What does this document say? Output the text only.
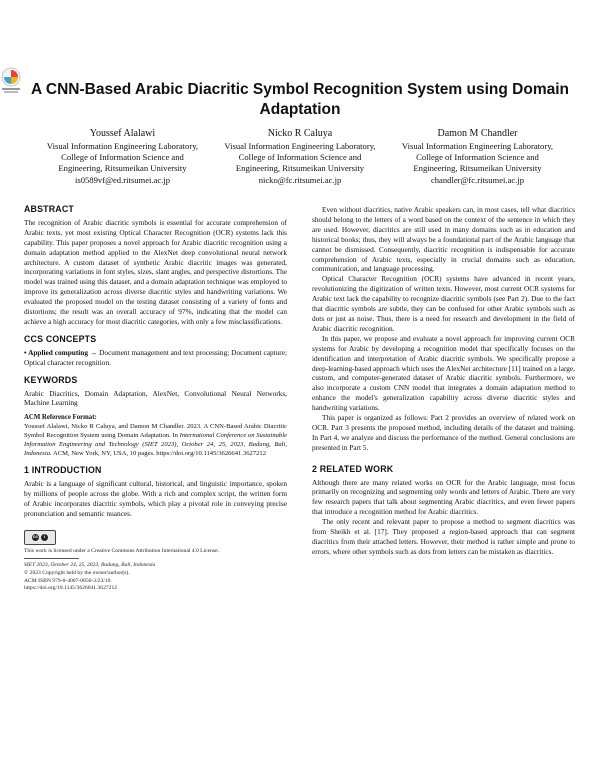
A CNN-Based Arabic Diacritic Symbol Recognition System using Domain Adaptation
Youssef Alalawi
Visual Information Engineering Laboratory, College of Information Science and Engineering, Ritsumeikan University
is0589vf@ed.ritsumei.ac.jp
Nicko R Caluya
Visual Information Engineering Laboratory, College of Information Science and Engineering, Ritsumeikan University
nicko@fc.ritsumei.ac.jp
Damon M Chandler
Visual Information Engineering Laboratory, College of Information Science and Engineering, Ritsumeikan University
chandler@fc.ritsumei.ac.jp
ABSTRACT

The recognition of Arabic diacritic symbols is essential for accurate comprehension of Arabic texts, yet most existing Optical Character Recognition (OCR) systems lack this capability. This paper proposes a novel approach for Arabic diacritic recognition using a domain adaptation method applied to the AlexNet deep convolutional neural network architecture. A custom dataset of synthetic Arabic diacritic images was generated, incorporating variations in font styles, sizes, slant angles, and perspective distortions. The model was trained using this dataset, and a domain adaptation technique was employed to improve its generalization across diverse diacritic styles and handwriting variations. We evaluated the proposed model on the testing dataset consisting of a variety of fonts and distortions; the result was an overall accuracy of 97%, indicating that the model can achieve a high accuracy for most diacritic categories, with only a few misclassifications.

CCS CONCEPTS

• Applied computing → Document management and text processing; Document capture; Optical character recognition.

KEYWORDS

Arabic Diacritics, Domain Adaptation, AlexNet, Convolutional Neural Networks, Machine Learning

ACM Reference Format:

Youssef Alalawi, Nicko R Caluya, and Damon M Chandler. 2023. A CNN-Based Arabic Diacritic Symbol Recognition System using Domain Adaptation. In International Conference on Sustainable Information Engineering and Technology (SIET 2023), October 24, 25, 2023, Badung, Bali, Indonesia. ACM, New York, NY, USA, 10 pages. https://doi.org/10.1145/3626641.3627212

1 INTRODUCTION

Arabic is a language of significant cultural, historical, and linguistic importance, spoken by millions of people across the globe. With a rich and complex script, the written form of Arabic incorporates diacritic symbols, which play a pivotal role in conveying precise pronunciation and semantic nuances.

cc	i
This work is licensed under a Creative Commons Attribution International 4.0 License.
SIET 2023, October 24, 25, 2023, Badung, Bali, Indonesia
© 2023 Copyright held by the owner/author(s).
ACM ISBN 979-8-4007-0850-3/23/10.
https://doi.org/10.1145/3626641.3627212

Even without diacritics, native Arabic speakers can, in most cases, tell what diacritics should belong to the letters of a word based on the context of the sentence in which they are used. However, diacritics are still used in many domains such as in education and historical books; thus, they will always be a foundational part of the Arabic language that cannot be dismissed. Consequently, diacritic recognition is indispensable for accurate comprehension of Arabic texts, especially in crucial domains such as education, communication, and language processing.

Optical Character Recognition (OCR) systems have advanced in recent years, revolutionizing the digitization of written texts. However, most current OCR systems for Arabic text lack the capability to recognize diacritic symbols (see Part 2). Due to the fact that diacritic symbols are subtle, they can be confused for other Arabic symbols such as dots or just as noise. Thus, there is a need for research and development in the field of Arabic diacritic recognition.

In this paper, we propose and evaluate a novel approach for improving current OCR systems for Arabic by developing a recognition model that specifically focuses on the identification and interpretation of Arabic diacritic symbols. We specifically propose a deep-learning-based approach which uses the AlexNet architecture [11] trained on a large, custom, and computer-generated dataset of Arabic diacritic symbols. Furthermore, we also incorporate a custom CNN model that integrates a domain adaptation method to enhance the model's generalization capability across diverse diacritic styles and handwriting variations.

This paper is organized as follows: Part 2 provides an overview of related work on OCR. Part 3 presents the proposed method, including details of the dataset and training. In Part 4, we analyze and discuss the performance of the method. General conclusions are presented in Part 5.

2 RELATED WORK

Although there are many related works on OCR for the Arabic language, most focus primarily on recognizing and segmenting only words and letters of Arabic. There are very few research papers that talk about segmenting Arabic diacritics, and even fewer papers that introduce a recognition method for Arabic diacritics.

The only recent and relevant paper to propose a method to segment diacritics was from Sheikh et al. [17]. They proposed a region-based approach that can segment diacritics from their attached letters. However, their method is rather simple and prone to errors, where other symbols such as dots from letters can be mistaken as diacritics.
